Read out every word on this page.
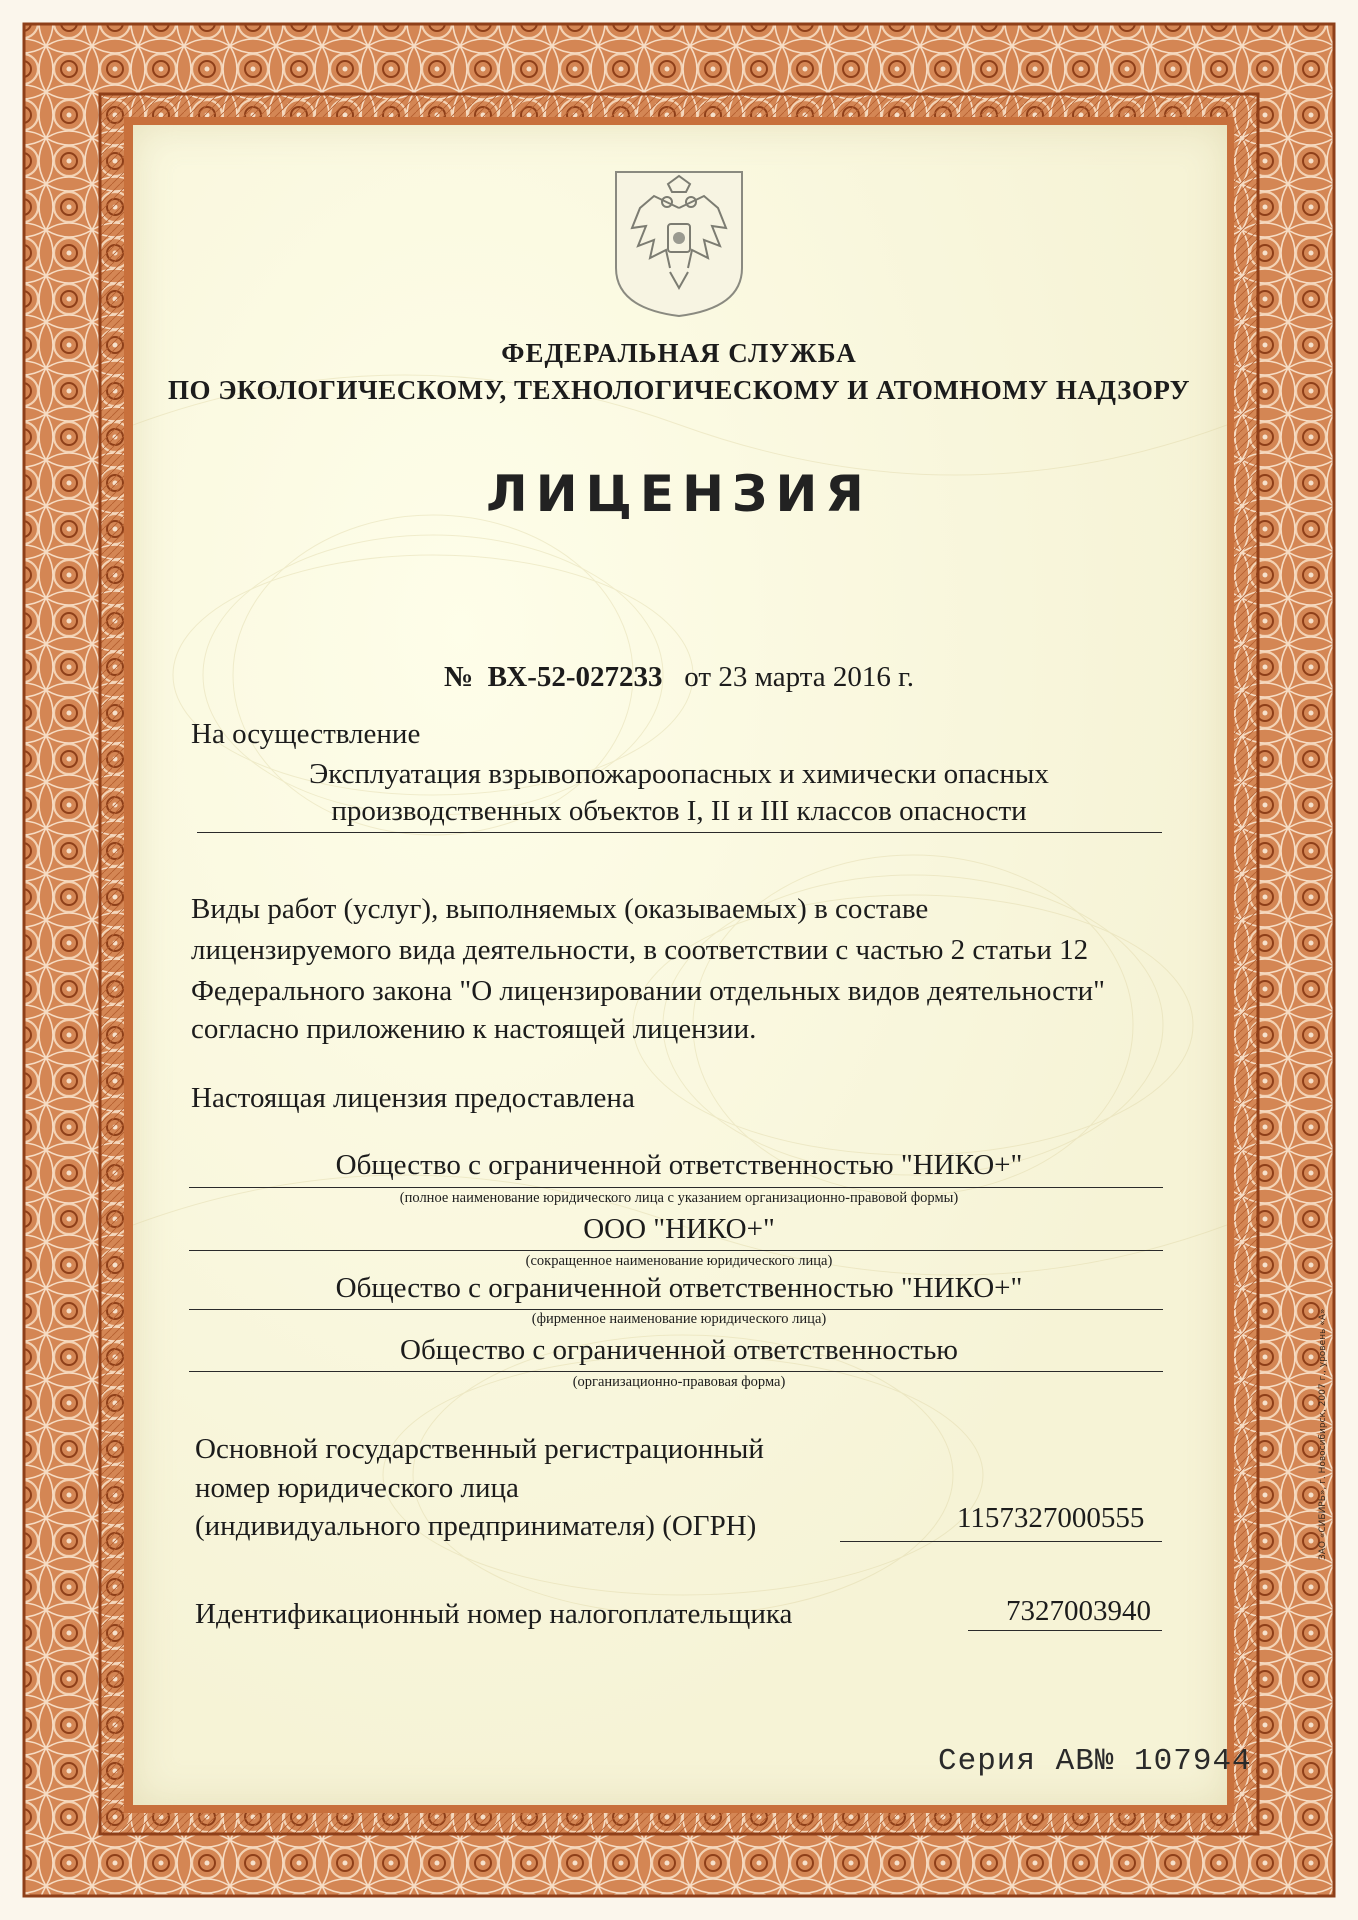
ФЕДЕРАЛЬНАЯ СЛУЖБА
ПО ЭКОЛОГИЧЕСКОМУ, ТЕХНОЛОГИЧЕСКОМУ И АТОМНОМУ НАДЗОРУ
ЛИЦЕНЗИЯ
№ ВХ-52-027233 от 23 марта 2016 г.
На осуществление
Эксплуатация взрывопожароопасных и химически опасных
производственных объектов I, II и III классов опасности
Виды работ (услуг), выполняемых (оказываемых) в составе
лицензируемого вида деятельности, в соответствии с частью 2 статьи 12
Федерального закона "О лицензировании отдельных видов деятельности"
согласно приложению к настоящей лицензии.
Настоящая лицензия предоставлена
Общество с ограниченной ответственностью "НИКО+"
(полное наименование юридического лица с указанием организационно-правовой формы)
ООО "НИКО+"
(сокращенное наименование юридического лица)
Общество с ограниченной ответственностью "НИКО+"
(фирменное наименование юридического лица)
Общество с ограниченной ответственностью
(организационно-правовая форма)
Основной государственный регистрационный
номер юридического лица
(индивидуального предпринимателя) (ОГРН)	1157327000555
Идентификационный номер налогоплательщика	7327003940
Серия АВ№ 107944
ЗАО «СИБИРЬ», г. Новосибирск, 2007 г., уровень «А»
